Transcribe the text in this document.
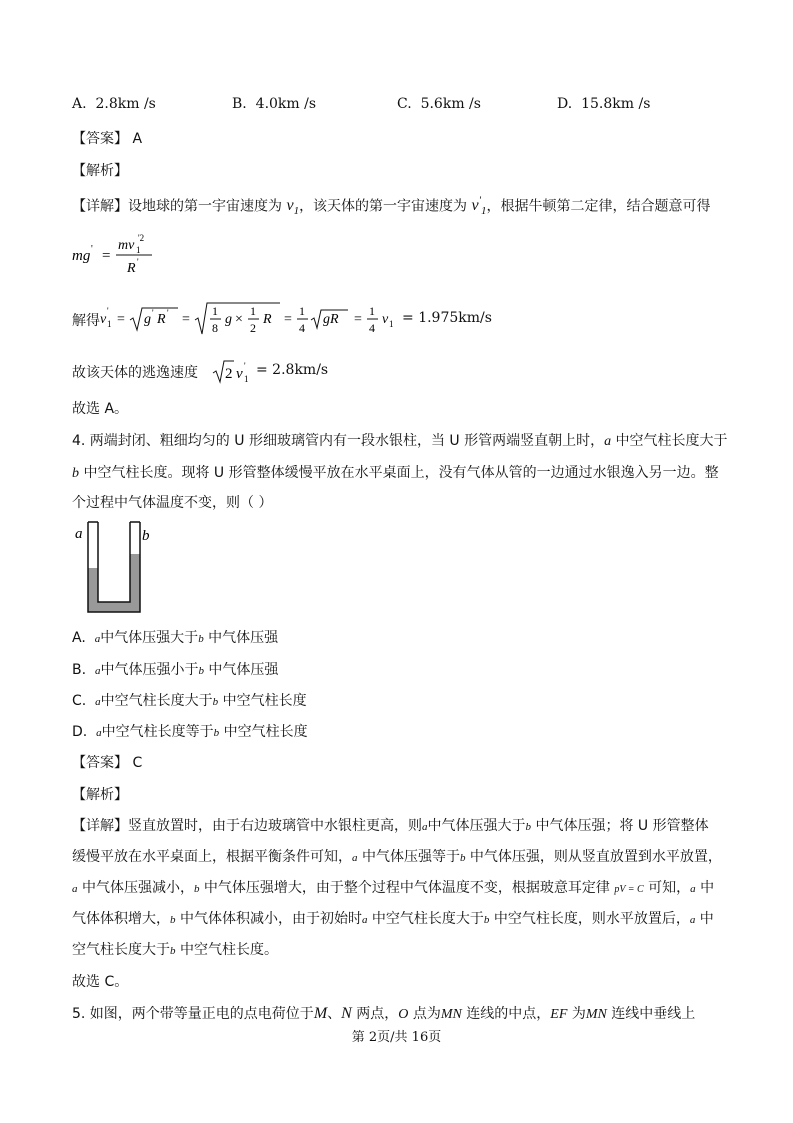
A. 2.8km /s	B. 4.0km /s	C. 5.6km /s	D. 15.8km /s
【答案】 A
【解析】
【详解】设地球的第一宇宙速度为 $v_1$，该天体的第一宇宙速度为 $v'_1$，根据牛顿第二定律，结合题意可得
mg ' =
mv 1
'2
R '
解得 v
'
1 = g ' R ' =
1
8
g ×
1
2
R =
1
4
gR =
1
4
v 1 = 1.975km/s
故该天体的逃逸速度 2 v '
1
= 2.8km/s
故选 A。
4. 两端封闭、粗细均匀的 U 形细玻璃管内有一段水银柱，当 U 形管两端竖直朝上时，a 中空气柱长度大于
b 中空气柱长度。现将 U 形管整体缓慢平放在水平桌面上，没有气体从管的一边通过水银逸入另一边。整
个过程中气体温度不变，则（ ）
a	b
A. a中气体压强大于b 中气体压强
B. a中气体压强小于b 中气体压强
C. a中空气柱长度大于b 中空气柱长度
D. a中空气柱长度等于b 中空气柱长度
【答案】 C
【解析】
【详解】竖直放置时，由于右边玻璃管中水银柱更高，则a中气体压强大于b 中气体压强；将 U 形管整体
缓慢平放在水平桌面上，根据平衡条件可知，a 中气体压强等于b 中气体压强，则从竖直放置到水平放置，
a 中气体压强减小，b 中气体压强增大，由于整个过程中气体温度不变，根据玻意耳定律 pV = C 可知，a 中
气体体积增大，b 中气体体积减小，由于初始时a 中空气柱长度大于b 中空气柱长度，则水平放置后，a 中
空气柱长度大于b 中空气柱长度。
故选 C。
5. 如图，两个带等量正电的点电荷位于M、N 两点，O 点为MN 连线的中点，EF 为MN 连线中垂线上
第 2页/共 16页
